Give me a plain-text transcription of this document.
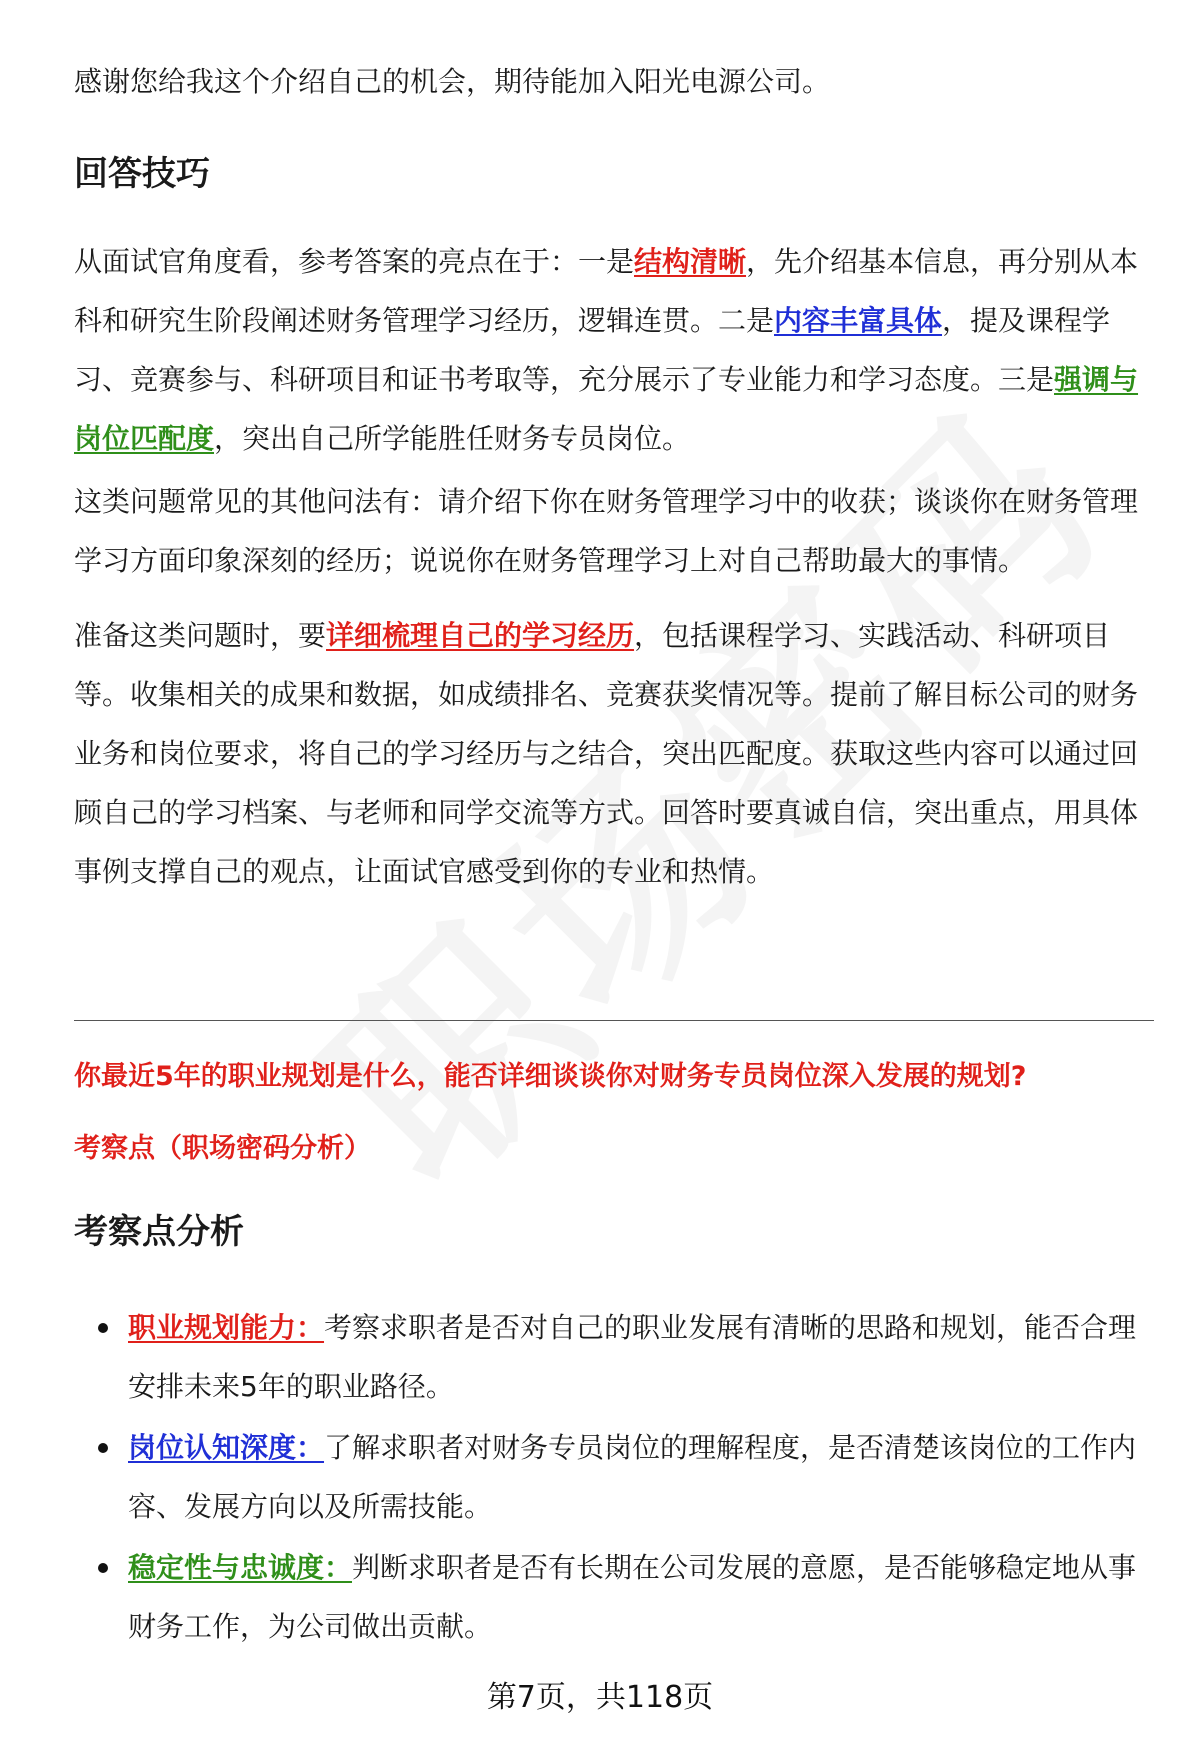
感谢您给我这个介绍自己的机会，期待能加入阳光电源公司。

回答技巧

从面试官角度看，参考答案的亮点在于：一是结构清晰，先介绍基本信息，再分别从本科和研究生阶段阐述财务管理学习经历，逻辑连贯。二是内容丰富具体，提及课程学习、竞赛参与、科研项目和证书考取等，充分展示了专业能力和学习态度。三是强调与岗位匹配度，突出自己所学能胜任财务专员岗位。

这类问题常见的其他问法有：请介绍下你在财务管理学习中的收获；谈谈你在财务管理学习方面印象深刻的经历；说说你在财务管理学习上对自己帮助最大的事情。

准备这类问题时，要详细梳理自己的学习经历，包括课程学习、实践活动、科研项目等。收集相关的成果和数据，如成绩排名、竞赛获奖情况等。提前了解目标公司的财务业务和岗位要求，将自己的学习经历与之结合，突出匹配度。获取这些内容可以通过回顾自己的学习档案、与老师和同学交流等方式。回答时要真诚自信，突出重点，用具体事例支撑自己的观点，让面试官感受到你的专业和热情。

你最近5年的职业规划是什么，能否详细谈谈你对财务专员岗位深入发展的规划?
考察点（职场密码分析）
考察点分析
职业规划能力：考察求职者是否对自己的职业发展有清晰的思路和规划，能否合理安排未来5年的职业路径。
岗位认知深度：了解求职者对财务专员岗位的理解程度，是否清楚该岗位的工作内容、发展方向以及所需技能。
稳定性与忠诚度：判断求职者是否有长期在公司发展的意愿，是否能够稳定地从事财务工作，为公司做出贡献。
第7页，共118页
